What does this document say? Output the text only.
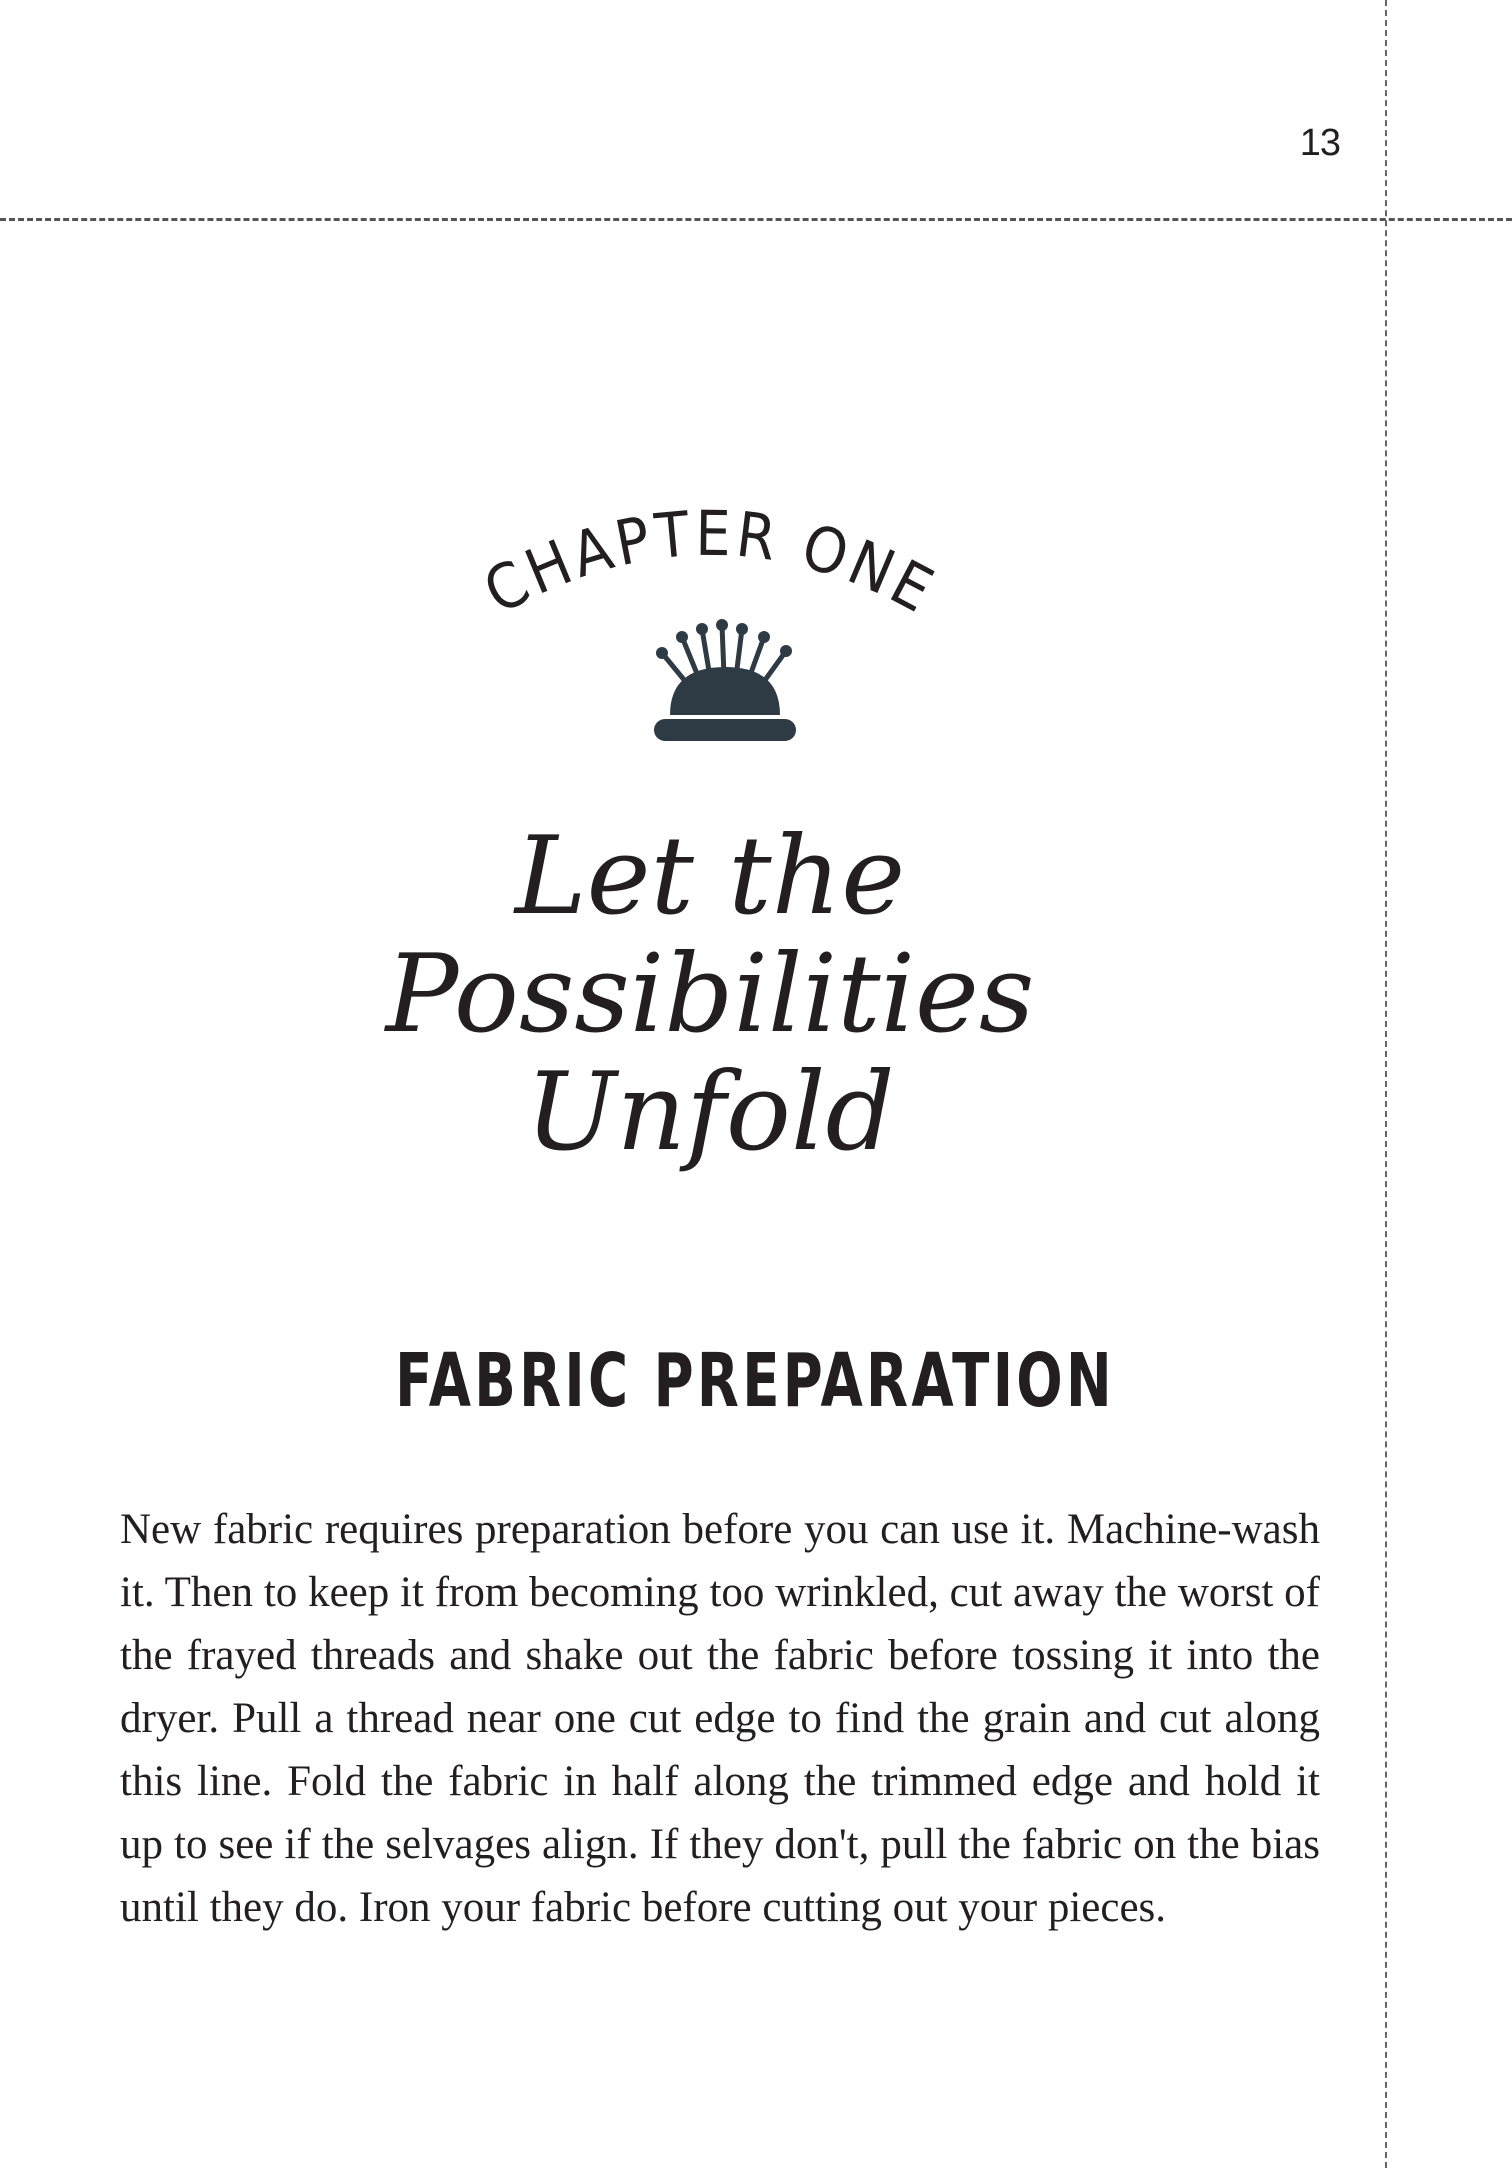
13
CHAPTER ONE
Let the Possibilities
Unfold
FABRIC PREPARATION

New fabric requires preparation before you can use it. Machine-wash it. Then to keep it from becoming too wrinkled, cut away the worst of the frayed threads and shake out the fabric before tossing it into the dryer. Pull a thread near one cut edge to find the grain and cut along this line. Fold the fabric in half along the trimmed edge and hold it up to see if the selvages align. If they don't, pull the fabric on the bias until they do. Iron your fabric before cutting out your pieces.
